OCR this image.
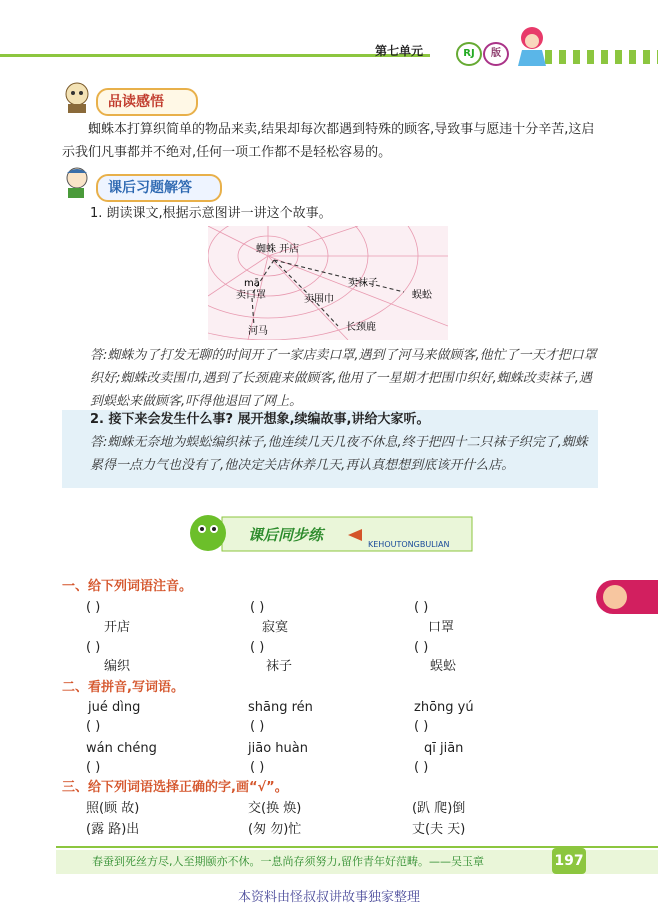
第七单元	RJ	版
品读感悟
蜘蛛本打算织简单的物品来卖,结果却每次都遇到特殊的顾客,导致事与愿违十分辛苦,这启示我们凡事都并不绝对,任何一项工作都不是轻松容易的。
课后习题解答
1. 朗读课文,根据示意图讲一讲这个故事。
蜘蛛 开店
mā
卖口罩
河马
卖围巾
长颈鹿
卖袜子
蜈蚣
答:蜘蛛为了打发无聊的时间开了一家店卖口罩,遇到了河马来做顾客,他忙了一天才把口罩织好;蜘蛛改卖围巾,遇到了长颈鹿来做顾客,他用了一星期才把围巾织好,蜘蛛改卖袜子,遇到蜈蚣来做顾客,吓得他退回了网上。
2. 接下来会发生什么事? 展开想象,续编故事,讲给大家听。
答:蜘蛛无奈地为蜈蚣编织袜子,他连续几天几夜不休息,终于把四十二只袜子织完了,蜘蛛累得一点力气也没有了,他决定关店休养几天,再认真想想到底该开什么店。
课后同步练
KEHOUTONGBULIAN
一、给下列词语注音。
( )	( )	( )
开店	寂寞	口罩
( )	( )	( )
编织	袜子	蜈蚣
二、看拼音,写词语。
jué dìng	shāng rén	zhōng yú
( )	( )	( )
wán chéng	jiāo huàn	qī jiān
( )	( )	( )
三、给下列词语选择正确的字,画“√”。
照(顾 故)	交(换 焕)	(趴 爬)倒
(露 路)出	(匆 勿)忙	丈(夫 天)
春蚕到死丝方尽,人至期颐亦不休。一息尚存须努力,留作青年好范畴。——吴玉章	197
本资料由怪叔叔讲故事独家整理
